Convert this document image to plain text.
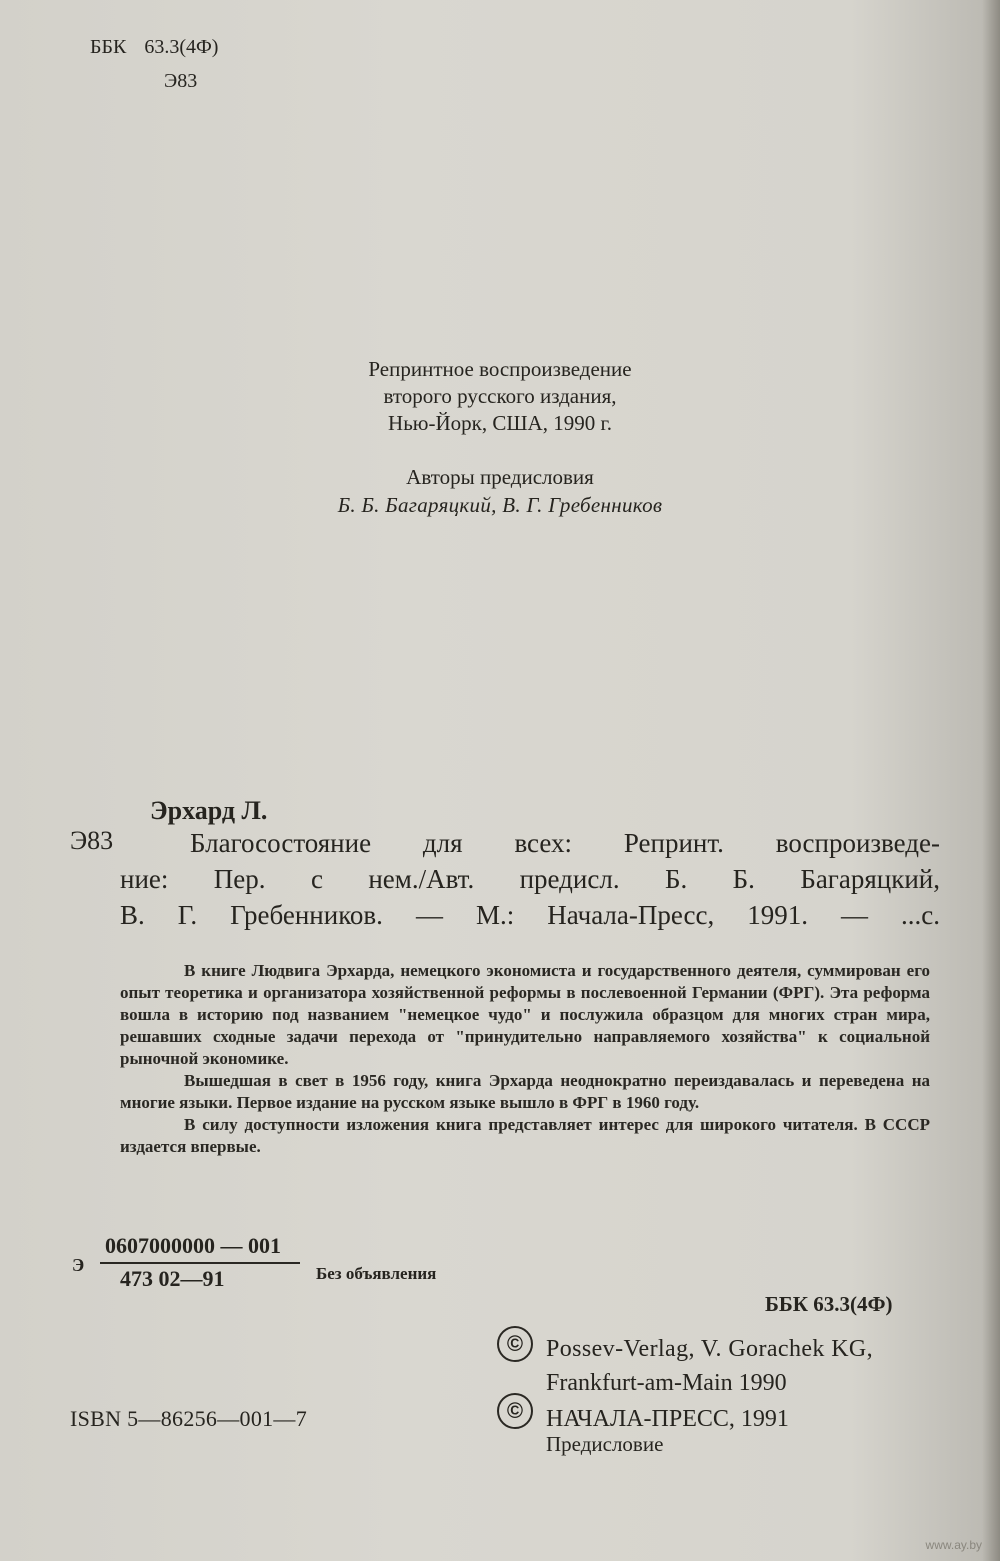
​
ББК 63.3(4Ф)
Э83
Репринтное воспроизведение
второго русского издания,
Нью-Йорк, США, 1990 г.
Авторы предисловия
Б. Б. Багаряцкий, В. Г. Гребенников
Эрхард Л.
Э83	Благосостояние для всех: Репринт. воспроизведе-
ние: Пер. с нем./Авт. предисл. Б. Б. Багаряцкий,
В. Г. Гребенников. — М.: Начала-Пресс, 1991. — ...с.

В книге Людвига Эрхарда, немецкого экономиста и государственного деятеля, суммирован его опыт теоретика и организатора хозяйственной реформы в послевоенной Германии (ФРГ). Эта реформа вошла в историю под названием "немецкое чудо" и послужила образцом для многих стран мира, решавших сходные задачи перехода от "принудительно направляемого хозяйства" к социальной рыночной экономике.

Вышедшая в свет в 1956 году, книга Эрхарда неоднократно переиздавалась и переведена на многие языки. Первое издание на русском языке вышло в ФРГ в 1960 году.

В силу доступности изложения книга представляет интерес для широкого читателя. В СССР издается впервые.

Э
0607000000 — 001
473 02—91	Без объявления
ББК 63.3(4Ф)
© Possev-Verlag, V. Gorachek KG,
Frankfurt-am-Main 1990
© НАЧАЛА-ПРЕСС, 1991
Предисловие
ISBN 5—86256—001—7
www.ay.by
